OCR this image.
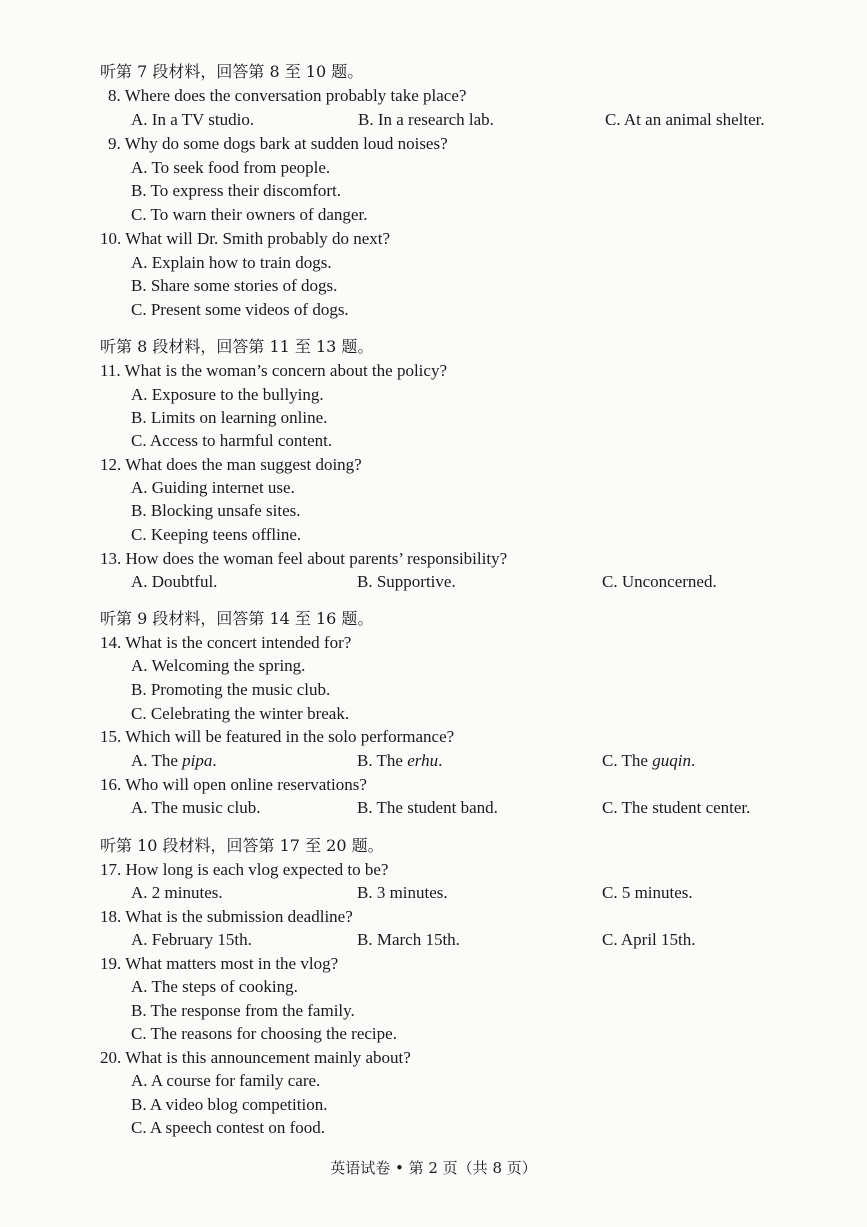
听第 7 段材料，回答第 8 至 10 题。
8. Where does the conversation probably take place?
A. In a TV studio.	B. In a research lab.	C. At an animal shelter.
9. Why do some dogs bark at sudden loud noises?
A. To seek food from people.
B. To express their discomfort.
C. To warn their owners of danger.
10. What will Dr. Smith probably do next?
A. Explain how to train dogs.
B. Share some stories of dogs.
C. Present some videos of dogs.
听第 8 段材料，回答第 11 至 13 题。
11. What is the woman’s concern about the policy?
A. Exposure to the bullying.
B. Limits on learning online.
C. Access to harmful content.
12. What does the man suggest doing?
A. Guiding internet use.
B. Blocking unsafe sites.
C. Keeping teens offline.
13. How does the woman feel about parents’ responsibility?
A. Doubtful.	B. Supportive.	C. Unconcerned.
听第 9 段材料，回答第 14 至 16 题。
14. What is the concert intended for?
A. Welcoming the spring.
B. Promoting the music club.
C. Celebrating the winter break.
15. Which will be featured in the solo performance?
A. The pipa.	B. The erhu.	C. The guqin.
16. Who will open online reservations?
A. The music club.	B. The student band.	C. The student center.
听第 10 段材料，回答第 17 至 20 题。
17. How long is each vlog expected to be?
A. 2 minutes.	B. 3 minutes.	C. 5 minutes.
18. What is the submission deadline?
A. February 15th.	B. March 15th.	C. April 15th.
19. What matters most in the vlog?
A. The steps of cooking.
B. The response from the family.
C. The reasons for choosing the recipe.
20. What is this announcement mainly about?
A. A course for family care.
B. A video blog competition.
C. A speech contest on food.
英语试卷 • 第 2 页（共 8 页）
